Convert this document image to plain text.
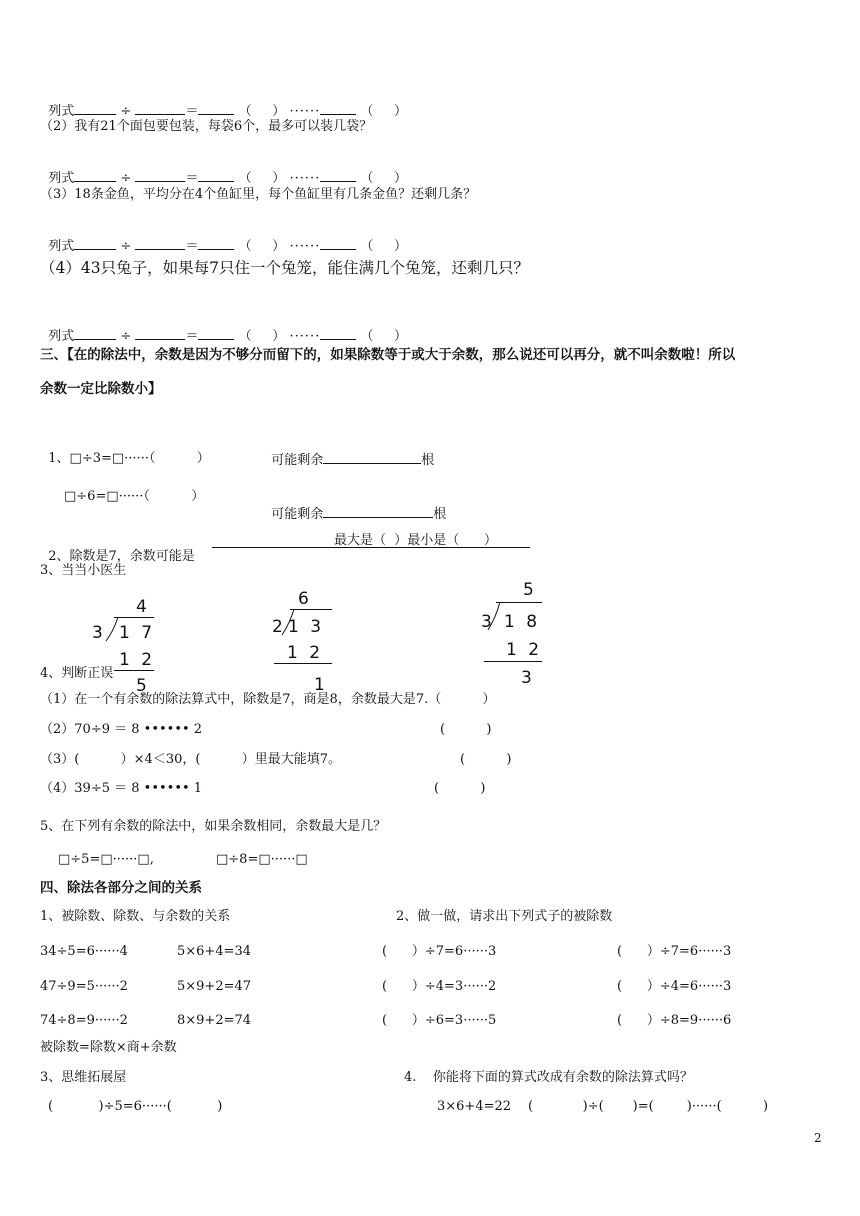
列式	÷	＝	（     ） ······	（     ）

（2）我有21个面包要包装，每袋6个，最多可以装几袋？

列式	÷	＝	（     ） ······	（     ）

（3）18条金鱼，平均分在4个鱼缸里，每个鱼缸里有几条金鱼？还剩几条？

列式	÷	＝	（     ） ······	（     ）

（4）43只兔子，如果每7只住一个兔笼，能住满几个兔笼，还剩几只？

列式	÷	＝	（     ） ······	（     ）

三、【在的除法中，余数是因为不够分而留下的，如果除数等于或大于余数，那么说还可以再分，就不叫余数啦！所以
余数一定比除数小】

1、□÷3=□······（          ）	可能剩余	根

□÷6=□······（          ）

可能剩余	根

2、除数是7，余数可能是

最大是（  ）最小是（      ）
3、当当小医生
4
3 1 7
1 2
5
6
2 1 3
1 2
1
5
3 1 8
1 2
3
4、判断正误
（1）在一个有余数的除法算式中，除数是7，商是8，余数最大是7.（          ）
（2）70÷9 ＝ 8 •••••• 2	(          )
（3）(          ）×4＜30，(          ）里最大能填7。	(          )
（4）39÷5 ＝ 8 •••••• 1	(          )
5、在下列有余数的除法中，如果余数相同，余数最大是几？
□÷5=□······□,	□÷8=□······□
四、除法各部分之间的关系
1、被除数、除数、与余数的关系	2、做一做，请求出下列式子的被除数
34÷5=6······4	5×6+4=34	(      ）÷7=6······3	(      ）÷7=6······3
47÷9=5······2	5×9+2=47	(      ）÷4=3······2	(      ）÷4=6······3
74÷8=9······2	8×9+2=74	(      ）÷6=3······5	(      ）÷8=9······6
被除数=除数×商+余数
3、思维拓展屋	4.    你能将下面的算式改成有余数的除法算式吗？
(           )÷5=6······(           )	3×6+4=22 (            )÷(       )=(        )······(          )
2
